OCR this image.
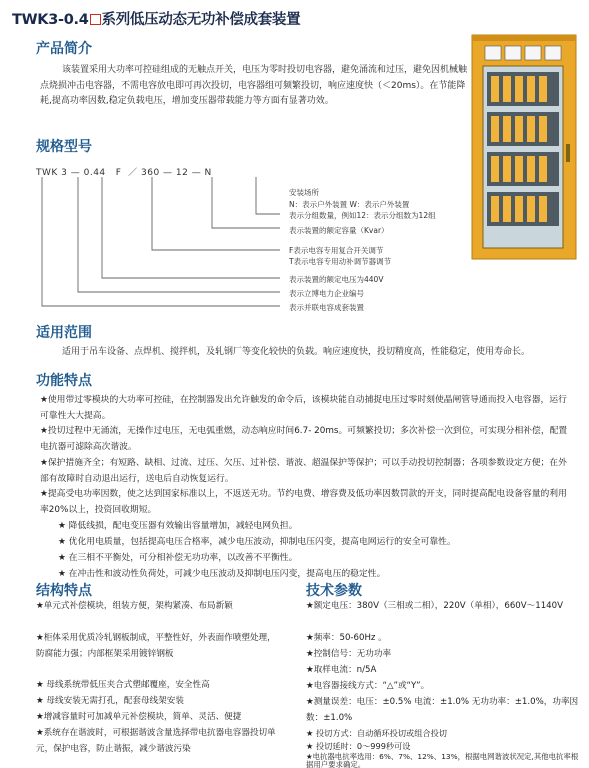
TWK3-0.4 系列低压动态无功补偿成套装置
产品简介
该装置采用大功率可控硅组成的无触点开关，电压为零时投切电容器，避免涌流和过压，避免因机械触点烧损冲击电容器，不需电容放电即可再次投切，电容器组可频繁投切，响应速度快（＜20ms）。在节能降耗,提高功率因数,稳定负载电压，增加变压器带载能力等方面有显著功效。
规格型号
TWK 3 — 0.44   F  ／ 360 — 12 — N
安装场所
N：表示户外装置 W：表示户外装置
表示分组数量，例如12：表示分组数为12组
表示装置的额定容量（Kvar）
F表示电容专用复合开关调节
T表示电容专用动补调节器调节
表示装置的额定电压为440V
表示立博电力企业编号
表示并联电容成套装置
适用范围
适用于吊车设备、点焊机、搅拌机，及轧钢厂等变化较快的负载。响应速度快，投切精度高，性能稳定，使用寿命长。
功能特点
★使用带过零模块的大功率可控硅，在控制器发出允许触发的命令后，该模块能自动捕捉电压过零时刻使晶闸管导通而投入电容器，运行可靠性大大提高。
★投切过程中无涌流，无操作过电压，无电弧重燃，动态响应时间6.7- 20ms。可频繁投切；多次补偿一次到位，可实现分相补偿，配置电抗器可滤除高次谐波。
★保护措施齐全；有短路、缺相、过流、过压、欠压、过补偿、谐波、超温保护等保护；可以手动投切控制器；各项参数设定方便；在外部有故障时自动退出运行，送电后自动恢复运行。
★提高受电功率因数，使之达到国家标准以上，不返送无功。节约电费、增容费及低功率因数罚款的开支，同时提高配电设备容量的利用率20%以上，投资回收期短。
★ 降低线损，配电变压器有效输出容量增加，减轻电网负担。
★ 优化用电质量，包括提高电压合格率，减少电压波动，抑制电压闪变，提高电网运行的安全可靠性。
★ 在三相不平衡处，可分相补偿无功功率，以改善不平衡性。
★ 在冲击性和波动性负荷处，可减少电压波动及抑制电压闪变，提高电压的稳定性。
结构特点
★单元式补偿模块，组装方便，架构紧凑、布局新颖
★柜体采用优质冷轧钢板制成，平整性好，外表面作喷塑处理，防腐能力强；内部框架采用镀锌钢板
★ 母线系统带低压夹合式塑邮覆座，安全性高
★ 母线安装无需打孔，配套母线架安装
★增减容量时可加减单元补偿模块，简单、灵活、便捷
★系统存在谐波时，可根据谐波含量选择带电抗器电容器投切单元，保护电容，防止谐振，减少谐波污染
技术参数
★额定电压：380V（三相或二相），220V（单相），660V～1140V
★频率：50-60Hz 。
★控制信号：无功功率
★取样电流：n/5A
★电容器接线方式：“△”或“Y”。
★测量误差：电压：±0.5% 电流：±1.0% 无功功率：±1.0%，功率因数：±1.0%
★ 投切方式：自动循环投切或组合投切
★ 投切延时：0～999秒可设
★电抗器电抗率选用：6%、7%、12%、13%，根据电网谐波状况定,其他电抗率根据用户要求确定。
